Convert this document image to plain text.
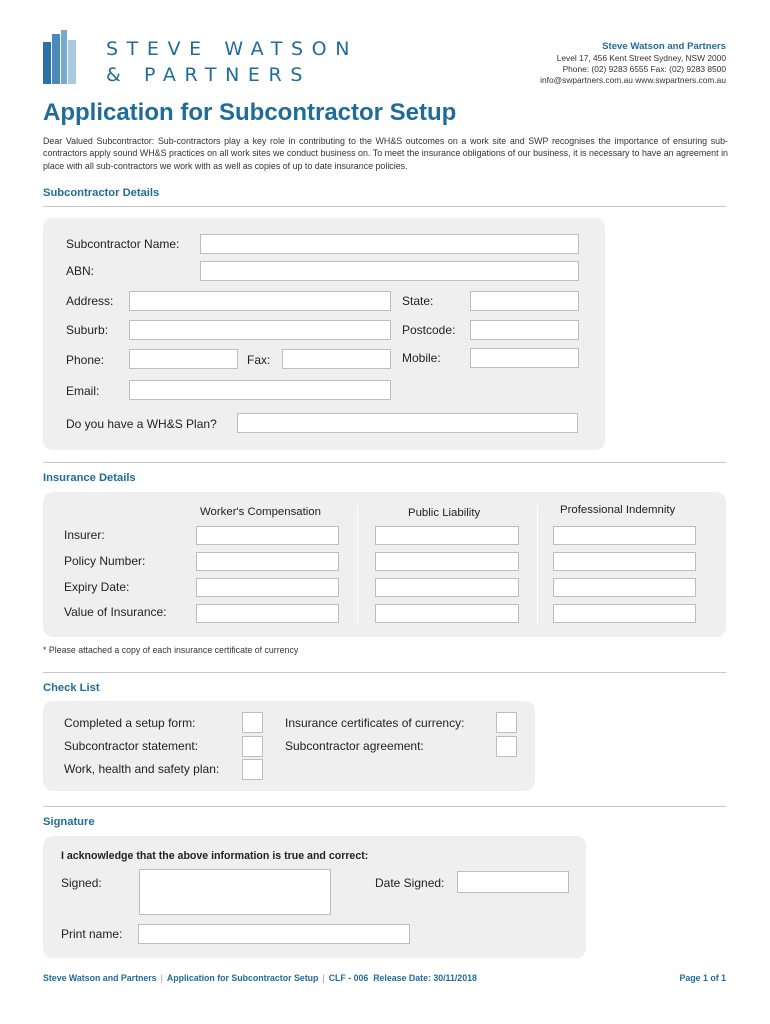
STEVE WATSON
& PARTNERS
Steve Watson and Partners
Level 17, 456 Kent Street Sydney, NSW 2000
Phone: (02) 9283 6555 Fax: (02) 9283 8500
info@swpartners.com.au www.swpartners.com.au
Application for Subcontractor Setup
Dear Valued Subcontractor: Sub-contractors play a key role in contributing to the WH&S outcomes on a work site and SWP recognises the importance of ensuring sub-contractors apply sound WH&S practices on all work sites we conduct business on. To meet the insurance obligations of our business, it is necessary to have an agreement in place with all sub-contractors we work with as well as copies of up to date insurance policies.
Subcontractor Details
Subcontractor Name:
ABN:
Address:	State:
Suburb:	Postcode:
Phone:	Fax:	Mobile:
Email:
Do you have a WH&S Plan?
Insurance Details
Worker's Compensation	Public Liability	Professional Indemnity
Insurer:
Policy Number:
Expiry Date:
Value of Insurance:
* Please attached a copy of each insurance certificate of currency
Check List
Completed a setup form:	Insurance certificates of currency:
Subcontractor statement:	Subcontractor agreement:
Work, health and safety plan:
Signature
I acknowledge that the above information is true and correct:
Signed:	Date Signed:
Print name:
Steve Watson and Partners | Application for Subcontractor Setup | CLF - 006 Release Date: 30/11/2018	Page 1 of 1
